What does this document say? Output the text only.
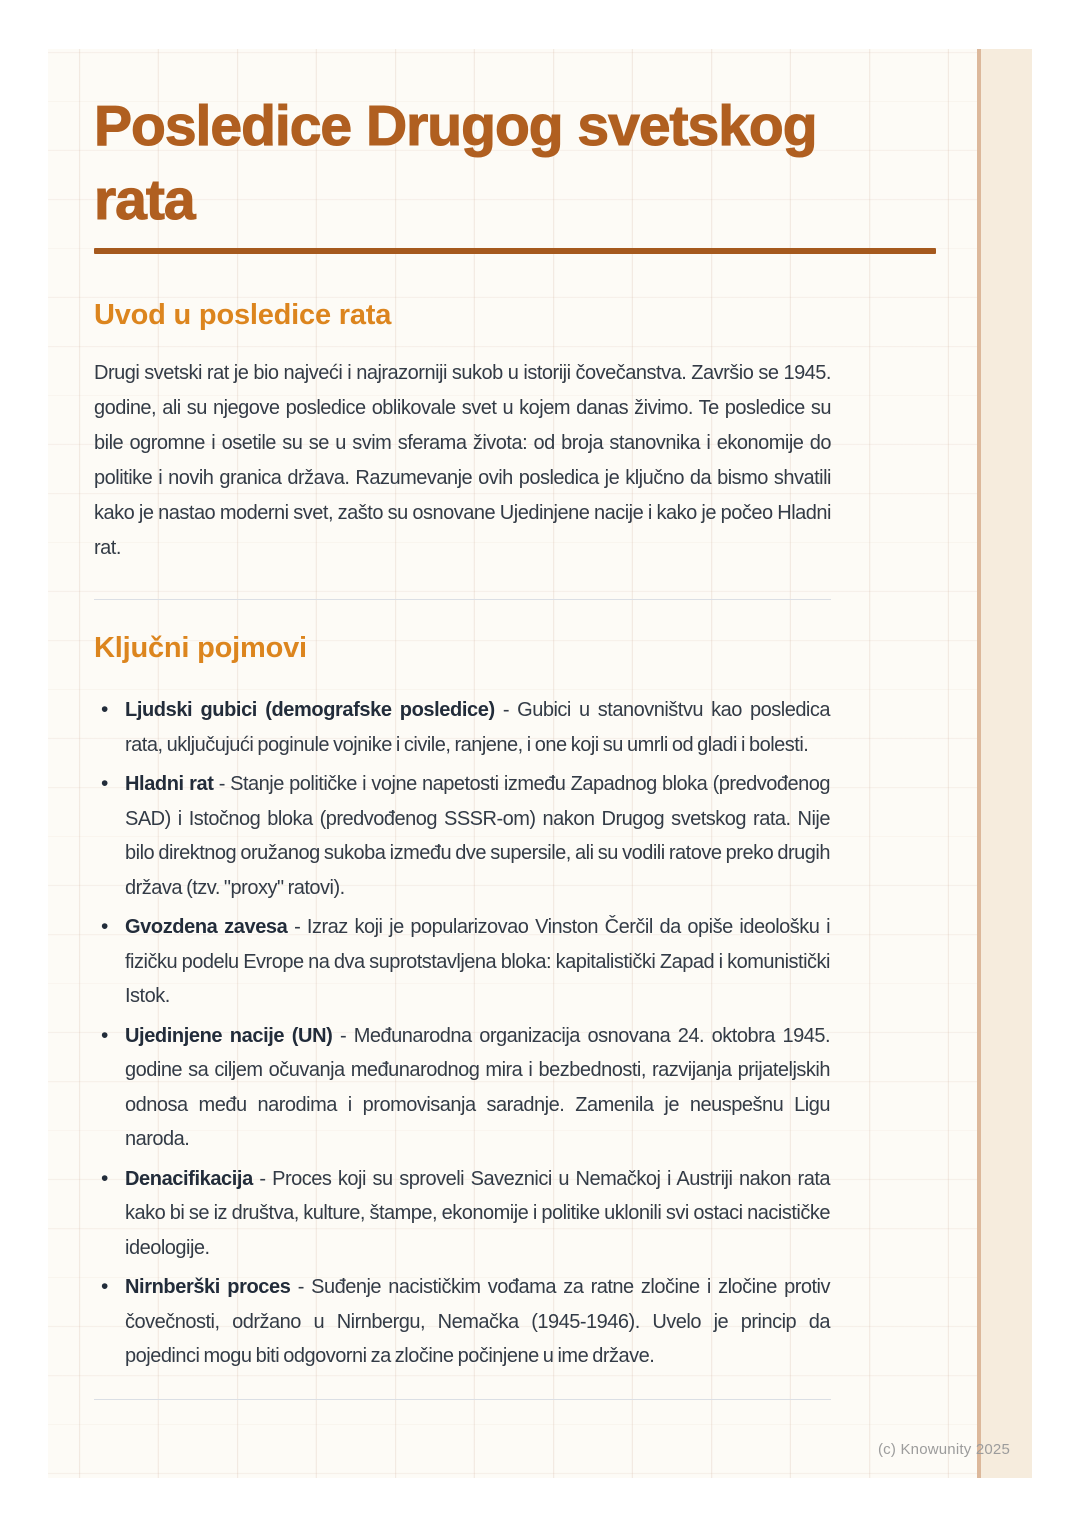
Posledice Drugog svetskog rata
Uvod u posledice rata

Drugi svetski rat je bio najveći i najrazorniji sukob u istoriji čovečanstva. Završio se 1945. godine, ali su njegove posledice oblikovale svet u kojem danas živimo. Te posledice su bile ogromne i osetile su se u svim sferama života: od broja stanovnika i ekonomije do politike i novih granica država. Razumevanje ovih posledica je ključno da bismo shvatili kako je nastao moderni svet, zašto su osnovane Ujedinjene nacije i kako je počeo Hladni rat.

Ključni pojmovi
• Ljudski gubici (demografske posledice) - Gubici u stanovništvu kao posledica rata, uključujući poginule vojnike i civile, ranjene, i one koji su umrli od gladi i bolesti.
• Hladni rat - Stanje političke i vojne napetosti između Zapadnog bloka (predvođenog SAD) i Istočnog bloka (predvođenog SSSR-om) nakon Drugog svetskog rata. Nije bilo direktnog oružanog sukoba između dve supersile, ali su vodili ratove preko drugih država (tzv. "proxy" ratovi).
• Gvozdena zavesa - Izraz koji je popularizovao Vinston Čerčil da opiše ideološku i fizičku podelu Evrope na dva suprotstavljena bloka: kapitalistički Zapad i komunistički Istok.
• Ujedinjene nacije (UN) - Međunarodna organizacija osnovana 24. oktobra 1945. godine sa ciljem očuvanja međunarodnog mira i bezbednosti, razvijanja prijateljskih odnosa među narodima i promovisanja saradnje. Zamenila je neuspešnu Ligu naroda.
• Denacifikacija - Proces koji su sproveli Saveznici u Nemačkoj i Austriji nakon rata kako bi se iz društva, kulture, štampe, ekonomije i politike uklonili svi ostaci nacističke ideologije.
• Nirnberški proces - Suđenje nacističkim vođama za ratne zločine i zločine protiv čovečnosti, održano u Nirnbergu, Nemačka (1945-1946). Uvelo je princip da pojedinci mogu biti odgovorni za zločine počinjene u ime države.
(c) Knowunity 2025
